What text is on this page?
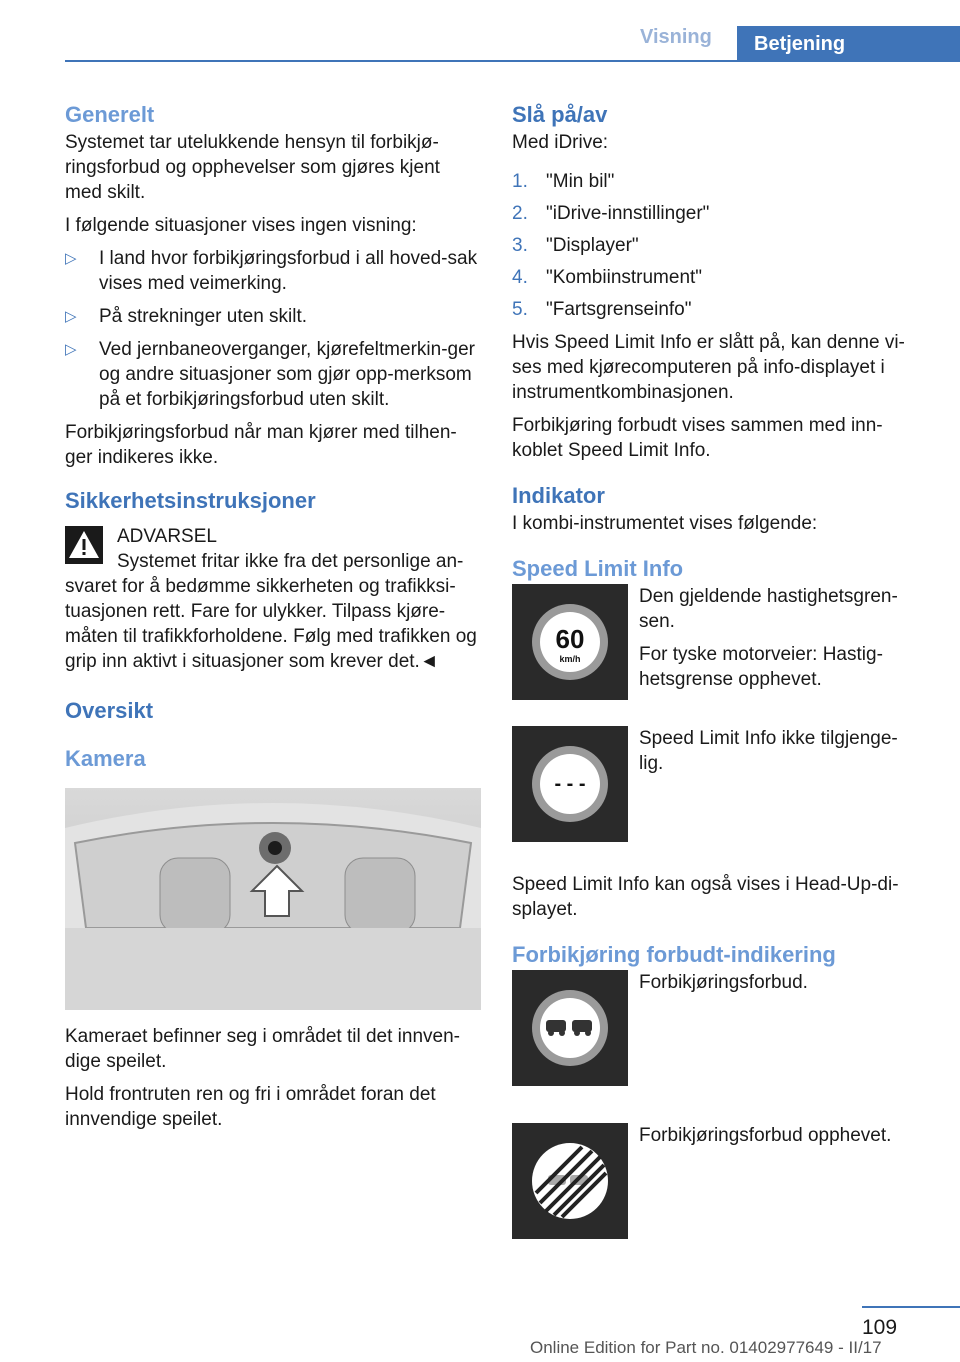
Visning Betjening
Generelt

Systemet tar utelukkende hensyn til forbikjø-ringsforbud og opphevelser som gjøres kjent med skilt.

I følgende situasjoner vises ingen visning:

▷ I land hvor forbikjøringsforbud i all hoved-sak vises med veimerking.
▷ På strekninger uten skilt.
▷ Ved jernbaneoverganger, kjørefeltmerkin-ger og andre situasjoner som gjør opp-merksom på et forbikjøringsforbud uten skilt.

Forbikjøringsforbud når man kjører med tilhen-ger indikeres ikke.

Sikkerhetsinstruksjoner
ADVARSEL
Systemet fritar ikke fra det personlige an-svaret for å bedømme sikkerheten og trafikksi-tuasjonen rett. Fare for ulykker. Tilpass kjøre-måten til trafikkforholdene. Følg med trafikken og grip inn aktivt i situasjoner som krever det.◄
Oversikt
Kamera

Kameraet befinner seg i området til det innven-dige speilet.

Hold frontruten ren og fri i området foran det innvendige speilet.

Slå på/av

Med iDrive:

1. "Min bil"
2. "iDrive-innstillinger"
3. "Displayer"
4. "Kombiinstrument"
5. "Fartsgrenseinfo"

Hvis Speed Limit Info er slått på, kan denne vi-ses med kjørecomputeren på info-displayet i instrumentkombinasjonen.

Forbikjøring forbudt vises sammen med inn-koblet Speed Limit Info.

Indikator

I kombi-instrumentet vises følgende:

Speed Limit Info
60
km/h

Den gjeldende hastighetsgren-sen.

For tyske motorveier: Hastig-hetsgrense opphevet.

- - -

Speed Limit Info ikke tilgjenge-lig.

Speed Limit Info kan også vises i Head-Up-di-splayet.

Forbikjøring forbudt-indikering

Forbikjøringsforbud.

Forbikjøringsforbud opphevet.

109
Online Edition for Part no. 01402977649 - II/17
